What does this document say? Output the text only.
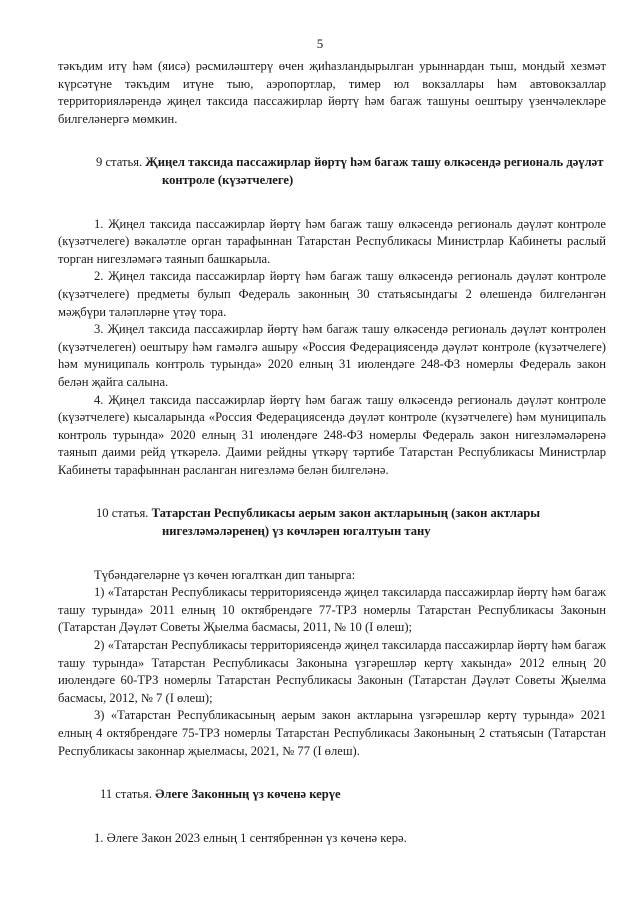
5

тәкъдим итү һәм (яисә) рәсмиләштерү өчен җиһазландырылган урыннардан тыш, мондый хезмәт күрсәтүне тәкъдим итүне тыю, аэропортлар, тимер юл вокзаллары һәм автовокзаллар территорияләрендә җиңел таксида пассажирлар йөртү һәм багаж ташуны оештыру үзенчәлекләре билгеләнергә мөмкин.

9 статья. Җиңел таксида пассажирлар йөртү һәм багаж ташу өлкәсендә региональ дәүләт контроле (күзәтчелеге)

1. Җиңел таксида пассажирлар йөртү һәм багаж ташу өлкәсендә региональ дәүләт контроле (күзәтчелеге) вәкаләтле орган тарафыннан Татарстан Республикасы Министрлар Кабинеты раслый торган нигезләмәгә таянып башкарыла.

2. Җиңел таксида пассажирлар йөртү һәм багаж ташу өлкәсендә региональ дәүләт контроле (күзәтчелеге) предметы булып Федераль законның 30 статьясындагы 2 өлешендә билгеләнгән мәҗбүри таләпләрне үтәү тора.

3. Җиңел таксида пассажирлар йөртү һәм багаж ташу өлкәсендә региональ дәүләт контролен (күзәтчелеген) оештыру һәм гамәлгә ашыру «Россия Федерациясендә дәүләт контроле (күзәтчелеге) һәм муниципаль контроль турында» 2020 елның 31 июлендәге 248-ФЗ номерлы Федераль закон белән җайга салына.

4. Җиңел таксида пассажирлар йөртү һәм багаж ташу өлкәсендә региональ дәүләт контроле (күзәтчелеге) кысаларында «Россия Федерациясендә дәүләт контроле (күзәтчелеге) һәм муниципаль контроль турында» 2020 елның 31 июлендәге 248-ФЗ номерлы Федераль закон нигезләмәләренә таянып даими рейд үткәрелә. Даими рейдны үткәрү тәртибе Татарстан Республикасы Министрлар Кабинеты тарафыннан расланган нигезләмә белән билгеләнә.

10 статья. Татарстан Республикасы аерым закон актларының (закон актлары нигезләмәләренең) үз көчләрен югалтуын тану

Түбәндәгеләрне үз көчен югалткан дип танырга:

1) «Татарстан Республикасы территориясендә җиңел таксиларда пассажирлар йөртү һәм багаж ташу турында» 2011 елның 10 октябрендәге 77-ТРЗ номерлы Татарстан Республикасы Законын (Татарстан Дәүләт Советы Җыелма басмасы, 2011, № 10 (I өлеш);

2) «Татарстан Республикасы территориясендә җиңел таксиларда пассажирлар йөртү һәм багаж ташу турында» Татарстан Республикасы Законына үзгәрешләр кертү хакында» 2012 елның 20 июлендәге 60-ТРЗ номерлы Татарстан Республикасы Законын (Татарстан Дәүләт Советы Җыелма басмасы, 2012, № 7 (I өлеш);

3) «Татарстан Республикасының аерым закон актларына үзгәрешләр кертү турында» 2021 елның 4 октябрендәге 75-ТРЗ номерлы Татарстан Республикасы Законының 2 статьясын (Татарстан Республикасы законнар җыелмасы, 2021, № 77 (I өлеш).

11 статья. Әлеге Законның үз көченә керүе

1. Әлеге Закон 2023 елның 1 сентябреннән үз көченә керә.
